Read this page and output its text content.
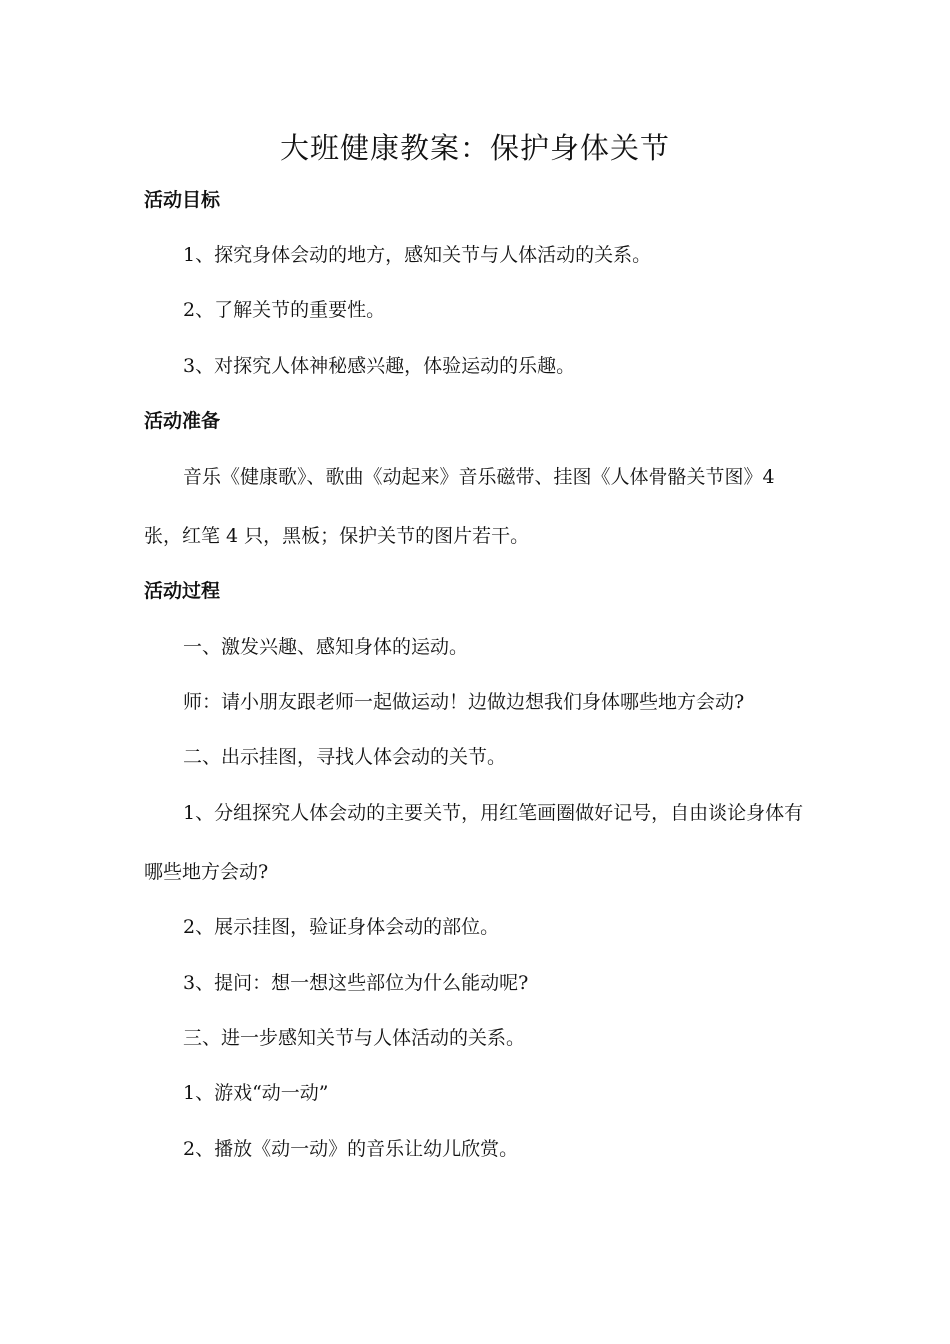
大班健康教案：保护身体关节
活动目标
1、探究身体会动的地方，感知关节与人体活动的关系。
2、了解关节的重要性。
3、对探究人体神秘感兴趣，体验运动的乐趣。
活动准备
音乐《健康歌》、歌曲《动起来》音乐磁带、挂图《人体骨骼关节图》4
张，红笔 4 只，黑板；保护关节的图片若干。
活动过程
一、激发兴趣、感知身体的运动。
师：请小朋友跟老师一起做运动！边做边想我们身体哪些地方会动?
二、出示挂图，寻找人体会动的关节。
1、分组探究人体会动的主要关节，用红笔画圈做好记号，自由谈论身体有
哪些地方会动?
2、展示挂图，验证身体会动的部位。
3、提问：想一想这些部位为什么能动呢?
三、进一步感知关节与人体活动的关系。
1、游戏“动一动”
2、播放《动一动》的音乐让幼儿欣赏。
